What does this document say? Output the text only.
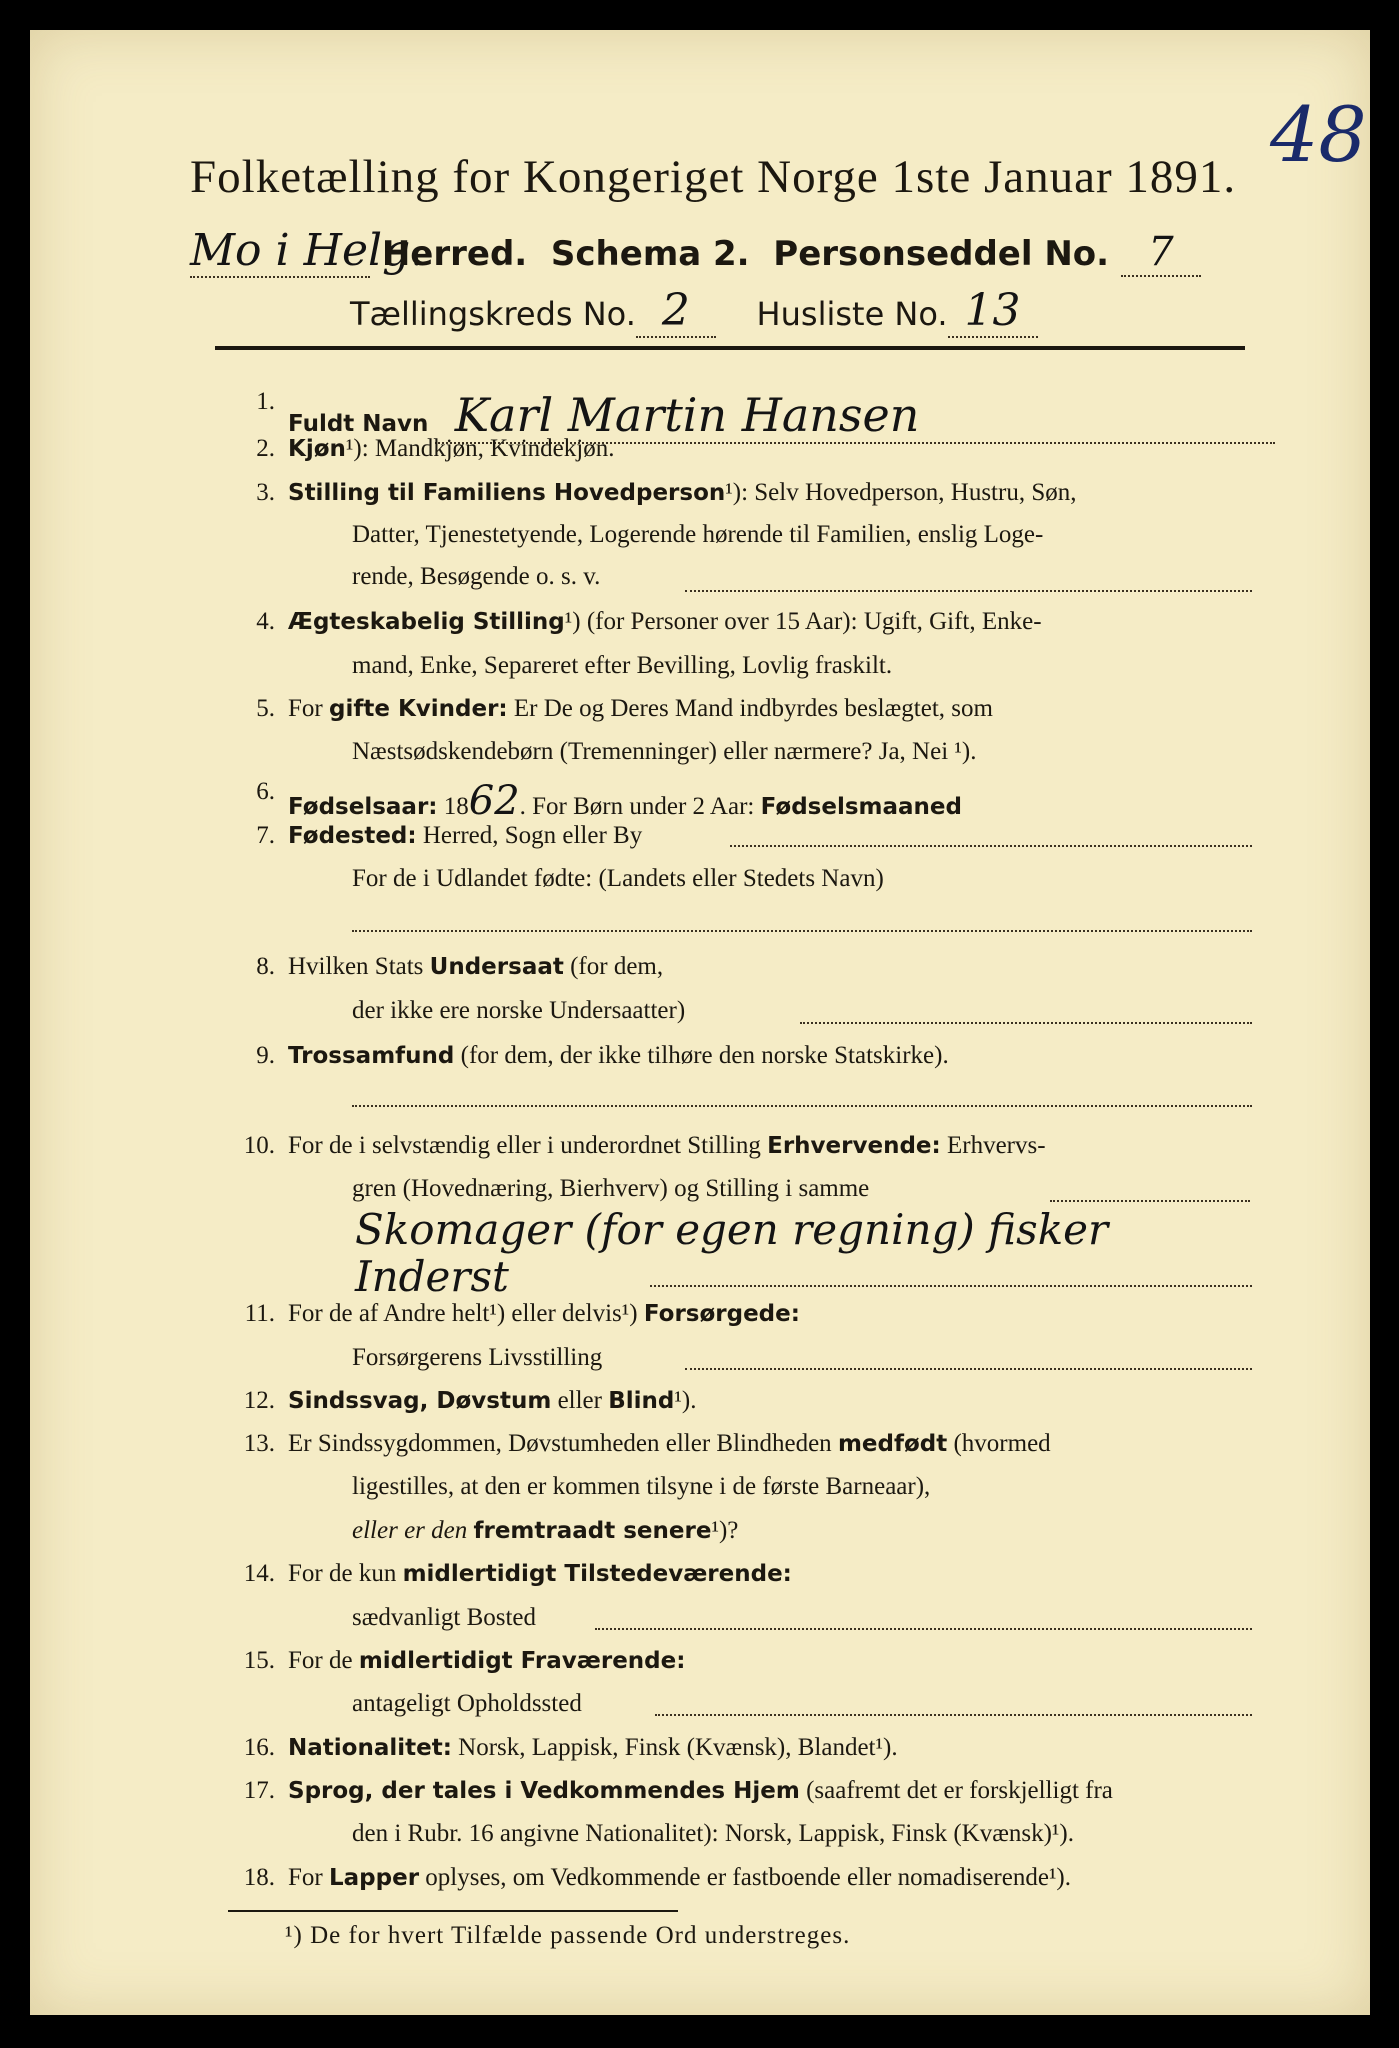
Folketælling for Kongeriget Norge 1ste Januar 1891. 48
Mo i Helg. Herred. Schema 2. Personseddel No. 7
Tællingskreds No. 2 Husliste No. 13
1.
Fuldt Navn Karl Martin Hansen
2. Kjøn¹): Mandkjøn, Kvindekjøn.
3. Stilling til Familiens Hovedperson¹): Selv Hovedperson, Hustru, Søn,
Datter, Tjenestetyende, Logerende hørende til Familien, enslig Loge-
rende, Besøgende o. s. v.
4. Ægteskabelig Stilling¹) (for Personer over 15 Aar): Ugift, Gift, Enke-
mand, Enke, Separeret efter Bevilling, Lovlig fraskilt.
5. For gifte Kvinder: Er De og Deres Mand indbyrdes beslægtet, som
Næstsødskendebørn (Tremenninger) eller nærmere? Ja, Nei ¹).
6.
Fødselsaar: 1862. For Børn under 2 Aar: Fødselsmaaned
7. Fødested: Herred, Sogn eller By
For de i Udlandet fødte: (Landets eller Stedets Navn)
8. Hvilken Stats Undersaat (for dem,
der ikke ere norske Undersaatter)
9. Trossamfund (for dem, der ikke tilhøre den norske Statskirke).
10. For de i selvstændig eller i underordnet Stilling Erhvervende: Erhvervs-
gren (Hovednæring, Bierhverv) og Stilling i samme
Skomager (for egen regning) fisker
Inderst
11. For de af Andre helt¹) eller delvis¹) Forsørgede:
Forsørgerens Livsstilling
12. Sindssvag, Døvstum eller Blind¹).
13. Er Sindssygdommen, Døvstumheden eller Blindheden medfødt (hvormed
ligestilles, at den er kommen tilsyne i de første Barneaar),
eller er den fremtraadt senere¹)?
14. For de kun midlertidigt Tilstedeværende:
sædvanligt Bosted
15. For de midlertidigt Fraværende:
antageligt Opholdssted
16. Nationalitet: Norsk, Lappisk, Finsk (Kvænsk), Blandet¹).
17. Sprog, der tales i Vedkommendes Hjem (saafremt det er forskjelligt fra
den i Rubr. 16 angivne Nationalitet): Norsk, Lappisk, Finsk (Kvænsk)¹).
18. For Lapper oplyses, om Vedkommende er fastboende eller nomadiserende¹).
¹) De for hvert Tilfælde passende Ord understreges.
